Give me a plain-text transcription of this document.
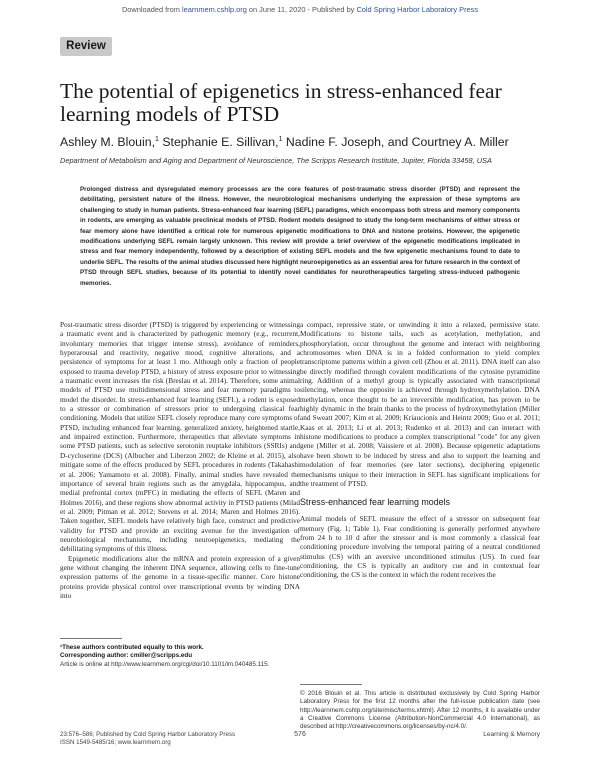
Downloaded from learnmem.cshlp.org on June 11, 2020 - Published by Cold Spring Harbor Laboratory Press
Review
The potential of epigenetics in stress-enhanced fear learning models of PTSD
Ashley M. Blouin,$^1$ Stephanie E. Sillivan,$^1$ Nadine F. Joseph, and Courtney A. Miller
Department of Metabolism and Aging and Department of Neuroscience, The Scripps Research Institute, Jupiter, Florida 33458, USA

Prolonged distress and dysregulated memory processes are the core features of post-traumatic stress disorder (PTSD) and represent the debilitating, persistent nature of the illness. However, the neurobiological mechanisms underlying the expression of these symptoms are challenging to study in human patients. Stress-enhanced fear learning (SEFL) paradigms, which encompass both stress and memory components in rodents, are emerging as valuable preclinical models of PTSD. Rodent models designed to study the long-term mechanisms of either stress or fear memory alone have identified a critical role for numerous epigenetic modifications to DNA and histone proteins. However, the epigenetic modifications underlying SEFL remain largely unknown. This review will provide a brief overview of the epigenetic modifications implicated in stress and fear memory independently, followed by a description of existing SEFL models and the few epigenetic mechanisms found to date to underlie SEFL. The results of the animal studies discussed here highlight neuroepigenetics as an essential area for future research in the context of PTSD through SEFL studies, because of its potential to identify novel candidates for neurotherapeutics targeting stress-induced pathogenic memories.

Post-traumatic stress disorder (PTSD) is triggered by experiencing or witnessing a traumatic event and is characterized by pathogenic memory (e.g., recurrent, involuntary memories that trigger intense stress), avoidance of reminders, hyperarousal and reactivity, negative mood, cognitive alterations, and a persistence of symptoms for at least 1 mo. Although only a fraction of people exposed to trauma develop PTSD, a history of stress exposure prior to witnessing a traumatic event increases the risk (Breslau et al. 2014). Therefore, some animal models of PTSD use multidimensional stress and fear memory paradigms to model the disorder. In stress-enhanced fear learning (SEFL), a rodent is exposed to a stressor or combination of stressors prior to undergoing classical fear conditioning. Models that utilize SEFL closely reproduce many core symptoms of PTSD, including enhanced fear learning, generalized anxiety, heightened startle, and impaired extinction. Furthermore, therapeutics that alleviate symptoms in some PTSD patients, such as selective serotonin reuptake inhibitors (SSRIs) and D-cycloserine (DCS) (Albucher and Liberzon 2002; de Kleine et al. 2015), also mitigate some of the effects produced by SEFL procedures in rodents (Takahashi et al. 2006; Yamamoto et al. 2008). Finally, animal studies have revealed the importance of several brain regions such as the amygdala, hippocampus, and medial prefrontal cortex (mPFC) in mediating the effects of SEFL (Maren and Holmes 2016), and these regions show abnormal activity in PTSD patients (Milad et al. 2009; Pitman et al. 2012; Stevens et al. 2014; Maren and Holmes 2016). Taken together, SEFL models have relatively high face, construct and predictive validity for PTSD and provide an exciting avenue for the investigation of neurobiological mechanisms, including neuroepigenetics, mediating the debilitating symptoms of this illness.

Epigenetic modifications alter the mRNA and protein expression of a given gene without changing the inherent DNA sequence, allowing cells to fine-tune expression patterns of the genome in a tissue-specific manner. Core histone proteins provide physical control over transcriptional events by winding DNA into

a compact, repressive state, or unwinding it into a relaxed, permissive state. Modifications to histone tails, such as acetylation, methylation, and phosphorylation, occur throughout the genome and interact with neighboring chromosomes when DNA is in a folded conformation to yield complex transcriptome patterns within a given cell (Zhou et al. 2011). DNA itself can also be directly modified through covalent modifications of the cytosine pyramidine ring. Addition of a methyl group is typically associated with transcriptional silencing, whereas the opposite is achieved through hydroxymethylation. DNA methylation, once thought to be an irreversible modification, has proven to be highly dynamic in the brain thanks to the process of hydroxymethylation (Miller and Sweatt 2007; Kim et al. 2009; Kriaucionis and Heintz 2009; Guo et al. 2011; Kaas et al. 2013; Li et al. 2013; Rudenko et al. 2013) and can interact with histone modifications to produce a complex transcriptional "code" for any given gene (Miller et al. 2008; Vaissiere et al. 2008). Because epigenetic adaptations have been shown to be induced by stress and also to support the learning and modulation of fear memories (see later sections), deciphering epigenetic mechanisms unique to their interaction in SEFL has significant implications for the treatment of PTSD.

Stress-enhanced fear learning models

Animal models of SEFL measure the effect of a stressor on subsequent fear memory (Fig. 1; Table 1). Fear conditioning is generally performed anywhere from 24 h to 10 d after the stressor and is most commonly a classical fear conditioning procedure involving the temporal pairing of a neutral conditioned stimulus (CS) with an aversive unconditioned stimulus (US). In cued fear conditioning, the CS is typically an auditory cue and in contextual fear conditioning, the CS is the context in which the rodent receives the

¹These authors contributed equally to this work.
Corresponding author: cmiller@scripps.edu
Article is online at http://www.learnmem.org/cgi/doi/10.1101/lm.040485.115.
© 2016 Blouin et al. This article is distributed exclusively by Cold Spring Harbor Laboratory Press for the first 12 months after the full-issue publication date (see http://learnmem.cshlp.org/site/misc/terms.xhtml). After 12 months, it is available under a Creative Commons License (Attribution-NonCommercial 4.0 International), as described at http://creativecommons.org/licenses/by-nc/4.0/.
23:576–586; Published by Cold Spring Harbor Laboratory Press
ISSN 1549-5485/16; www.learnmem.org
576	Learning & Memory
